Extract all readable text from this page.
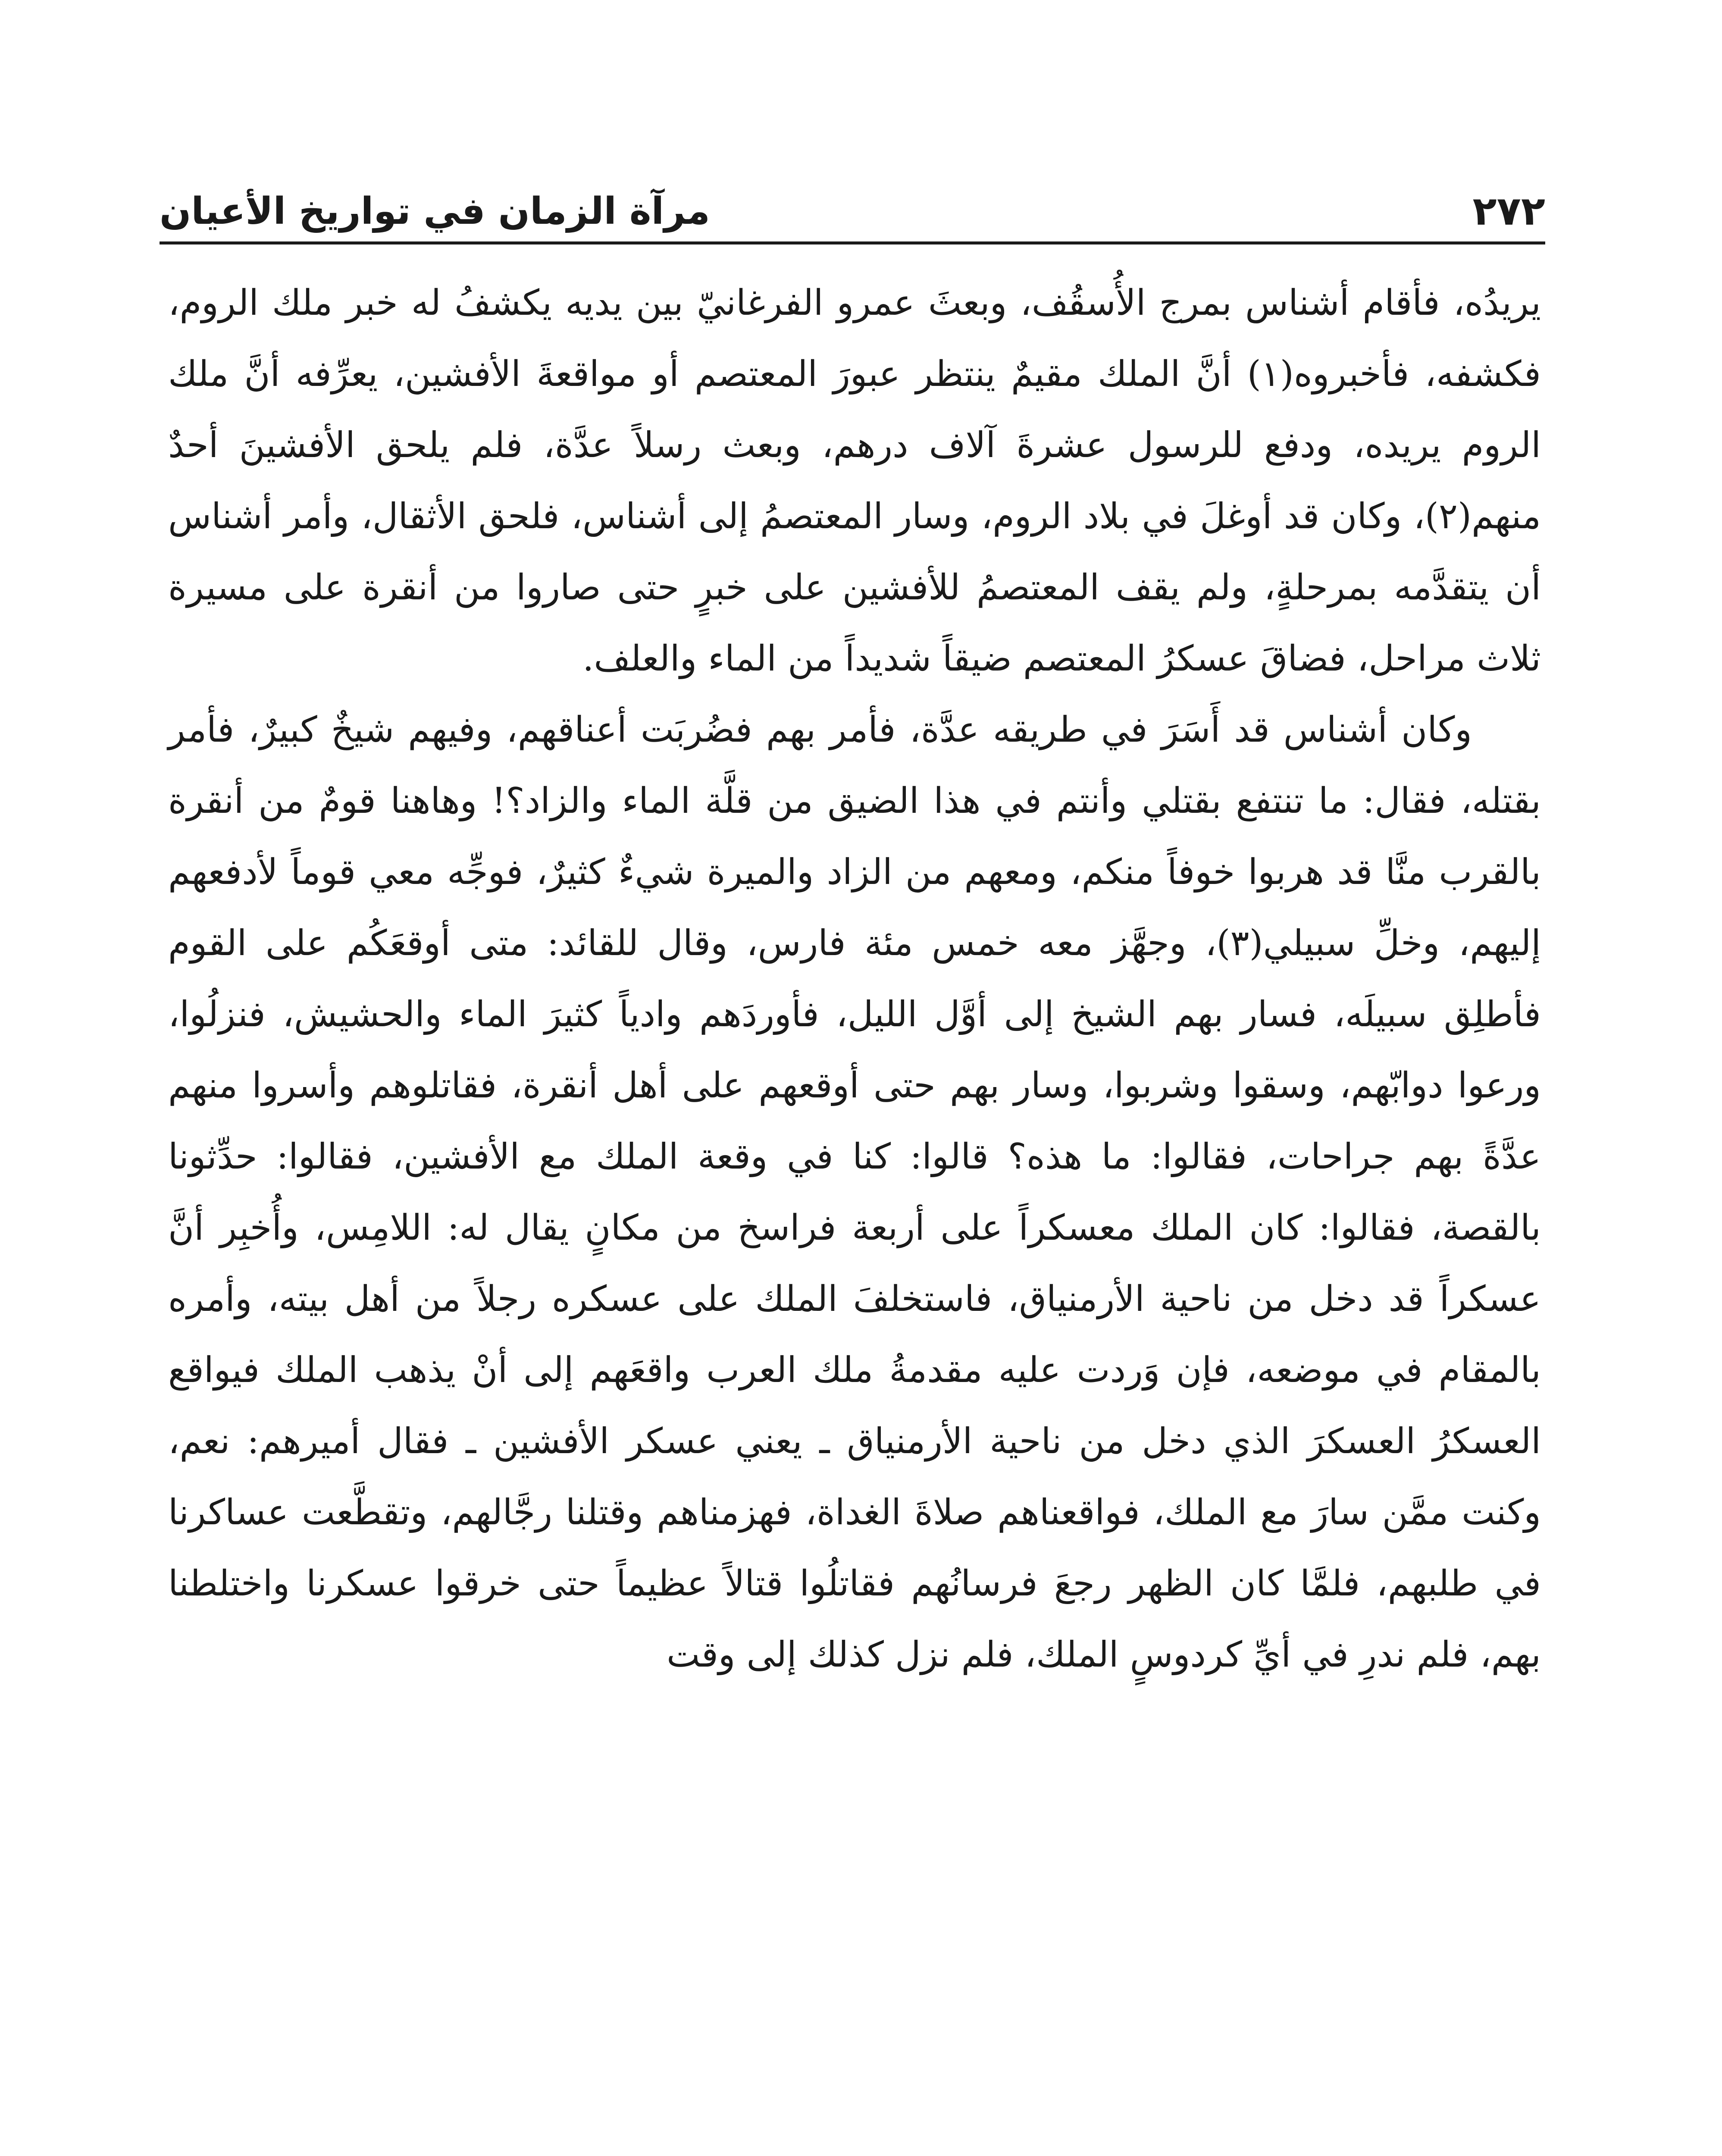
٢٧٢
مرآة الزمان في تواريخ الأعيان

يريدُه، فأقام أشناس بمرج الأُسقُف، وبعثَ عمرو الفرغانيّ بين يديه يكشفُ له خبر ملك الروم، فكشفه، فأخبروه(١) أنَّ الملك مقيمٌ ينتظر عبورَ المعتصم أو مواقعةَ الأفشين، يعرِّفه أنَّ ملك الروم يريده، ودفع للرسول عشرةَ آلاف درهم، وبعث رسلاً عدَّة، فلم يلحق الأفشينَ أحدٌ منهم(٢)، وكان قد أوغلَ في بلاد الروم، وسار المعتصمُ إلى أشناس، فلحق الأثقال، وأمر أشناس أن يتقدَّمه بمرحلةٍ، ولم يقف المعتصمُ للأفشين على خبرٍ حتى صاروا من أنقرة على مسيرة ثلاث مراحل، فضاقَ عسكرُ المعتصم ضيقاً شديداً من الماء والعلف.

وكان أشناس قد أَسَرَ في طريقه عدَّة، فأمر بهم فضُربَت أعناقهم، وفيهم شيخٌ كبيرٌ، فأمر بقتله، فقال: ما تنتفع بقتلي وأنتم في هذا الضيق من قلَّة الماء والزاد؟! وهاهنا قومٌ من أنقرة بالقرب منَّا قد هربوا خوفاً منكم، ومعهم من الزاد والميرة شيءٌ كثيرٌ، فوجِّه معي قوماً لأدفعهم إليهم، وخلِّ سبيلي(٣)، وجهَّز معه خمس مئة فارس، وقال للقائد: متى أوقعَكُم على القوم فأطلِق سبيلَه، فسار بهم الشيخ إلى أوَّل الليل، فأوردَهم وادياً كثيرَ الماء والحشيش، فنزلُوا، ورعوا دوابّهم، وسقوا وشربوا، وسار بهم حتى أوقعهم على أهل أنقرة، فقاتلوهم وأسروا منهم عدَّةً بهم جراحات، فقالوا: ما هذه؟ قالوا: كنا في وقعة الملك مع الأفشين، فقالوا: حدِّثونا بالقصة، فقالوا: كان الملك معسكراً على أربعة فراسخ من مكانٍ يقال له: اللامِس، وأُخبِر أنَّ عسكراً قد دخل من ناحية الأرمنياق، فاستخلفَ الملك على عسكره رجلاً من أهل بيته، وأمره بالمقام في موضعه، فإن وَردت عليه مقدمةُ ملك العرب واقعَهم إلى أنْ يذهب الملك فيواقع العسكرُ العسكرَ الذي دخل من ناحية الأرمنياق ـ يعني عسكر الأفشين ـ فقال أميرهم: نعم، وكنت ممَّن سارَ مع الملك، فواقعناهم صلاةَ الغداة، فهزمناهم وقتلنا رجَّالهم، وتقطَّعت عساكرنا في طلبهم، فلمَّا كان الظهر رجعَ فرسانُهم فقاتلُوا قتالاً عظيماً حتى خرقوا عسكرنا واختلطنا بهم، فلم ندرِ في أيِّ كردوسٍ الملك، فلم نزل كذلك إلى وقت
